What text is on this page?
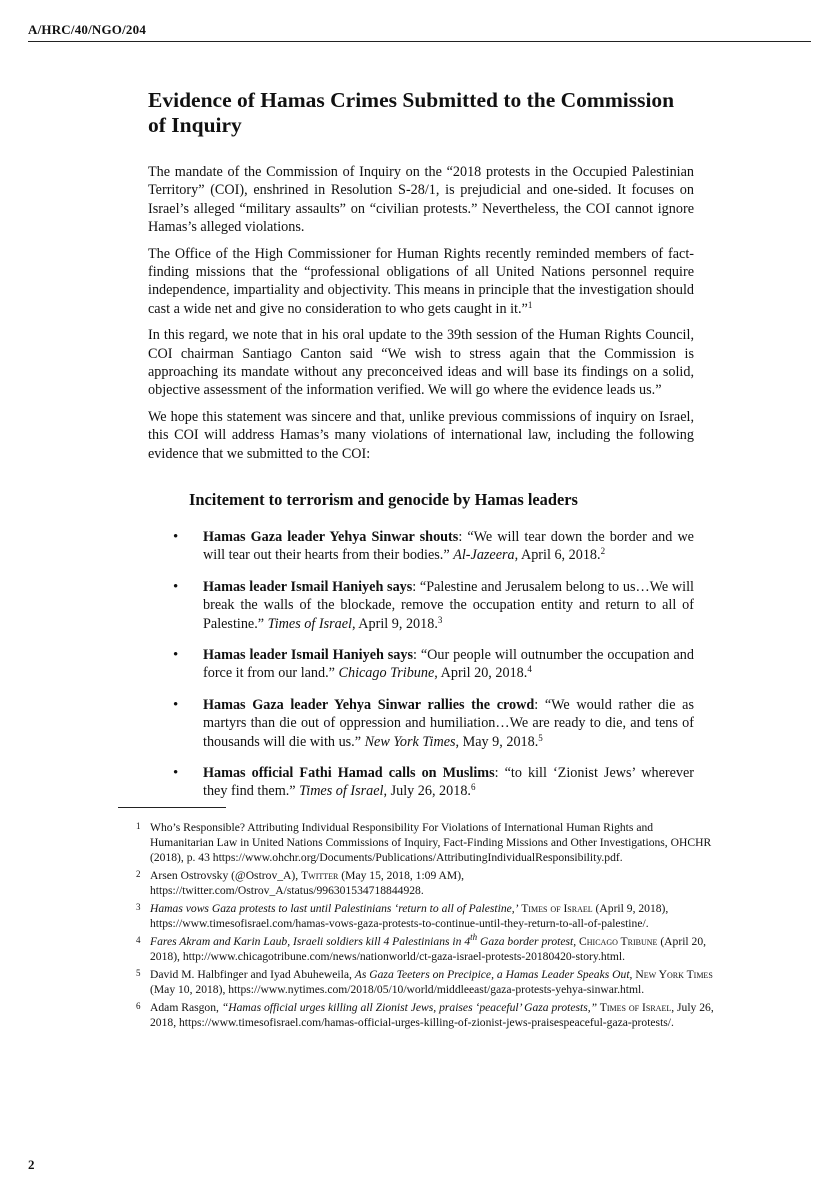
A/HRC/40/NGO/204
Evidence of Hamas Crimes Submitted to the Commission of Inquiry

The mandate of the Commission of Inquiry on the “2018 protests in the Occupied Palestinian Territory” (COI), enshrined in Resolution S-28/1, is prejudicial and one-sided. It focuses on Israel’s alleged “military assaults” on “civilian protests.” Nevertheless, the COI cannot ignore Hamas’s alleged violations.

The Office of the High Commissioner for Human Rights recently reminded members of fact-finding missions that the “professional obligations of all United Nations personnel require independence, impartiality and objectivity. This means in principle that the investigation should cast a wide net and give no consideration to who gets caught in it.”$^1$

In this regard, we note that in his oral update to the 39th session of the Human Rights Council, COI chairman Santiago Canton said “We wish to stress again that the Commission is approaching its mandate without any preconceived ideas and will base its findings on a solid, objective assessment of the information verified. We will go where the evidence leads us.”

We hope this statement was sincere and that, unlike previous commissions of inquiry on Israel, this COI will address Hamas’s many violations of international law, including the following evidence that we submitted to the COI:

Incitement to terrorism and genocide by Hamas leaders
• Hamas Gaza leader Yehya Sinwar shouts: “We will tear down the border and we will tear out their hearts from their bodies.” Al-Jazeera, April 6, 2018.$^2$
• Hamas leader Ismail Haniyeh says: “Palestine and Jerusalem belong to us…We will break the walls of the blockade, remove the occupation entity and return to all of Palestine.” Times of Israel, April 9, 2018.$^3$
• Hamas leader Ismail Haniyeh says: “Our people will outnumber the occupation and force it from our land.” Chicago Tribune, April 20, 2018.$^4$
• Hamas Gaza leader Yehya Sinwar rallies the crowd: “We would rather die as martyrs than die out of oppression and humiliation…We are ready to die, and tens of thousands will die with us.” New York Times, May 9, 2018.$^5$
• Hamas official Fathi Hamad calls on Muslims: “to kill ‘Zionist Jews’ wherever they find them.” Times of Israel, July 26, 2018.$^6$
1 Who’s Responsible? Attributing Individual Responsibility For Violations of International Human Rights and Humanitarian Law in United Nations Commissions of Inquiry, Fact-Finding Missions and Other Investigations, OHCHR (2018), p. 43 https://www.ohchr.org/Documents/Publications/AttributingIndividualResponsibility.pdf.
2 Arsen Ostrovsky (@Ostrov_A), Twitter (May 15, 2018, 1:09 AM), https://twitter.com/Ostrov_A/status/996301534718844928.
3 Hamas vows Gaza protests to last until Palestinians ‘return to all of Palestine,’ Times of Israel (April 9, 2018), https://www.timesofisrael.com/hamas-vows-gaza-protests-to-continue-until-they-return-to-all-of-palestine/.
4 Fares Akram and Karin Laub, Israeli soldiers kill 4 Palestinians in 4th Gaza border protest, Chicago Tribune (April 20, 2018), http://www.chicagotribune.com/news/nationworld/ct-gaza-israel-protests-20180420-story.html.
5 David M. Halbfinger and Iyad Abuheweila, As Gaza Teeters on Precipice, a Hamas Leader Speaks Out, New York Times (May 10, 2018), https://www.nytimes.com/2018/05/10/world/middleeast/gaza-protests-yehya-sinwar.html.
6 Adam Rasgon, “Hamas official urges killing all Zionist Jews, praises ‘peaceful’ Gaza protests,” Times of Israel, July 26, 2018, https://www.timesofisrael.com/hamas-official-urges-killing-of-zionist-jews-praisespeaceful-gaza-protests/.
2
